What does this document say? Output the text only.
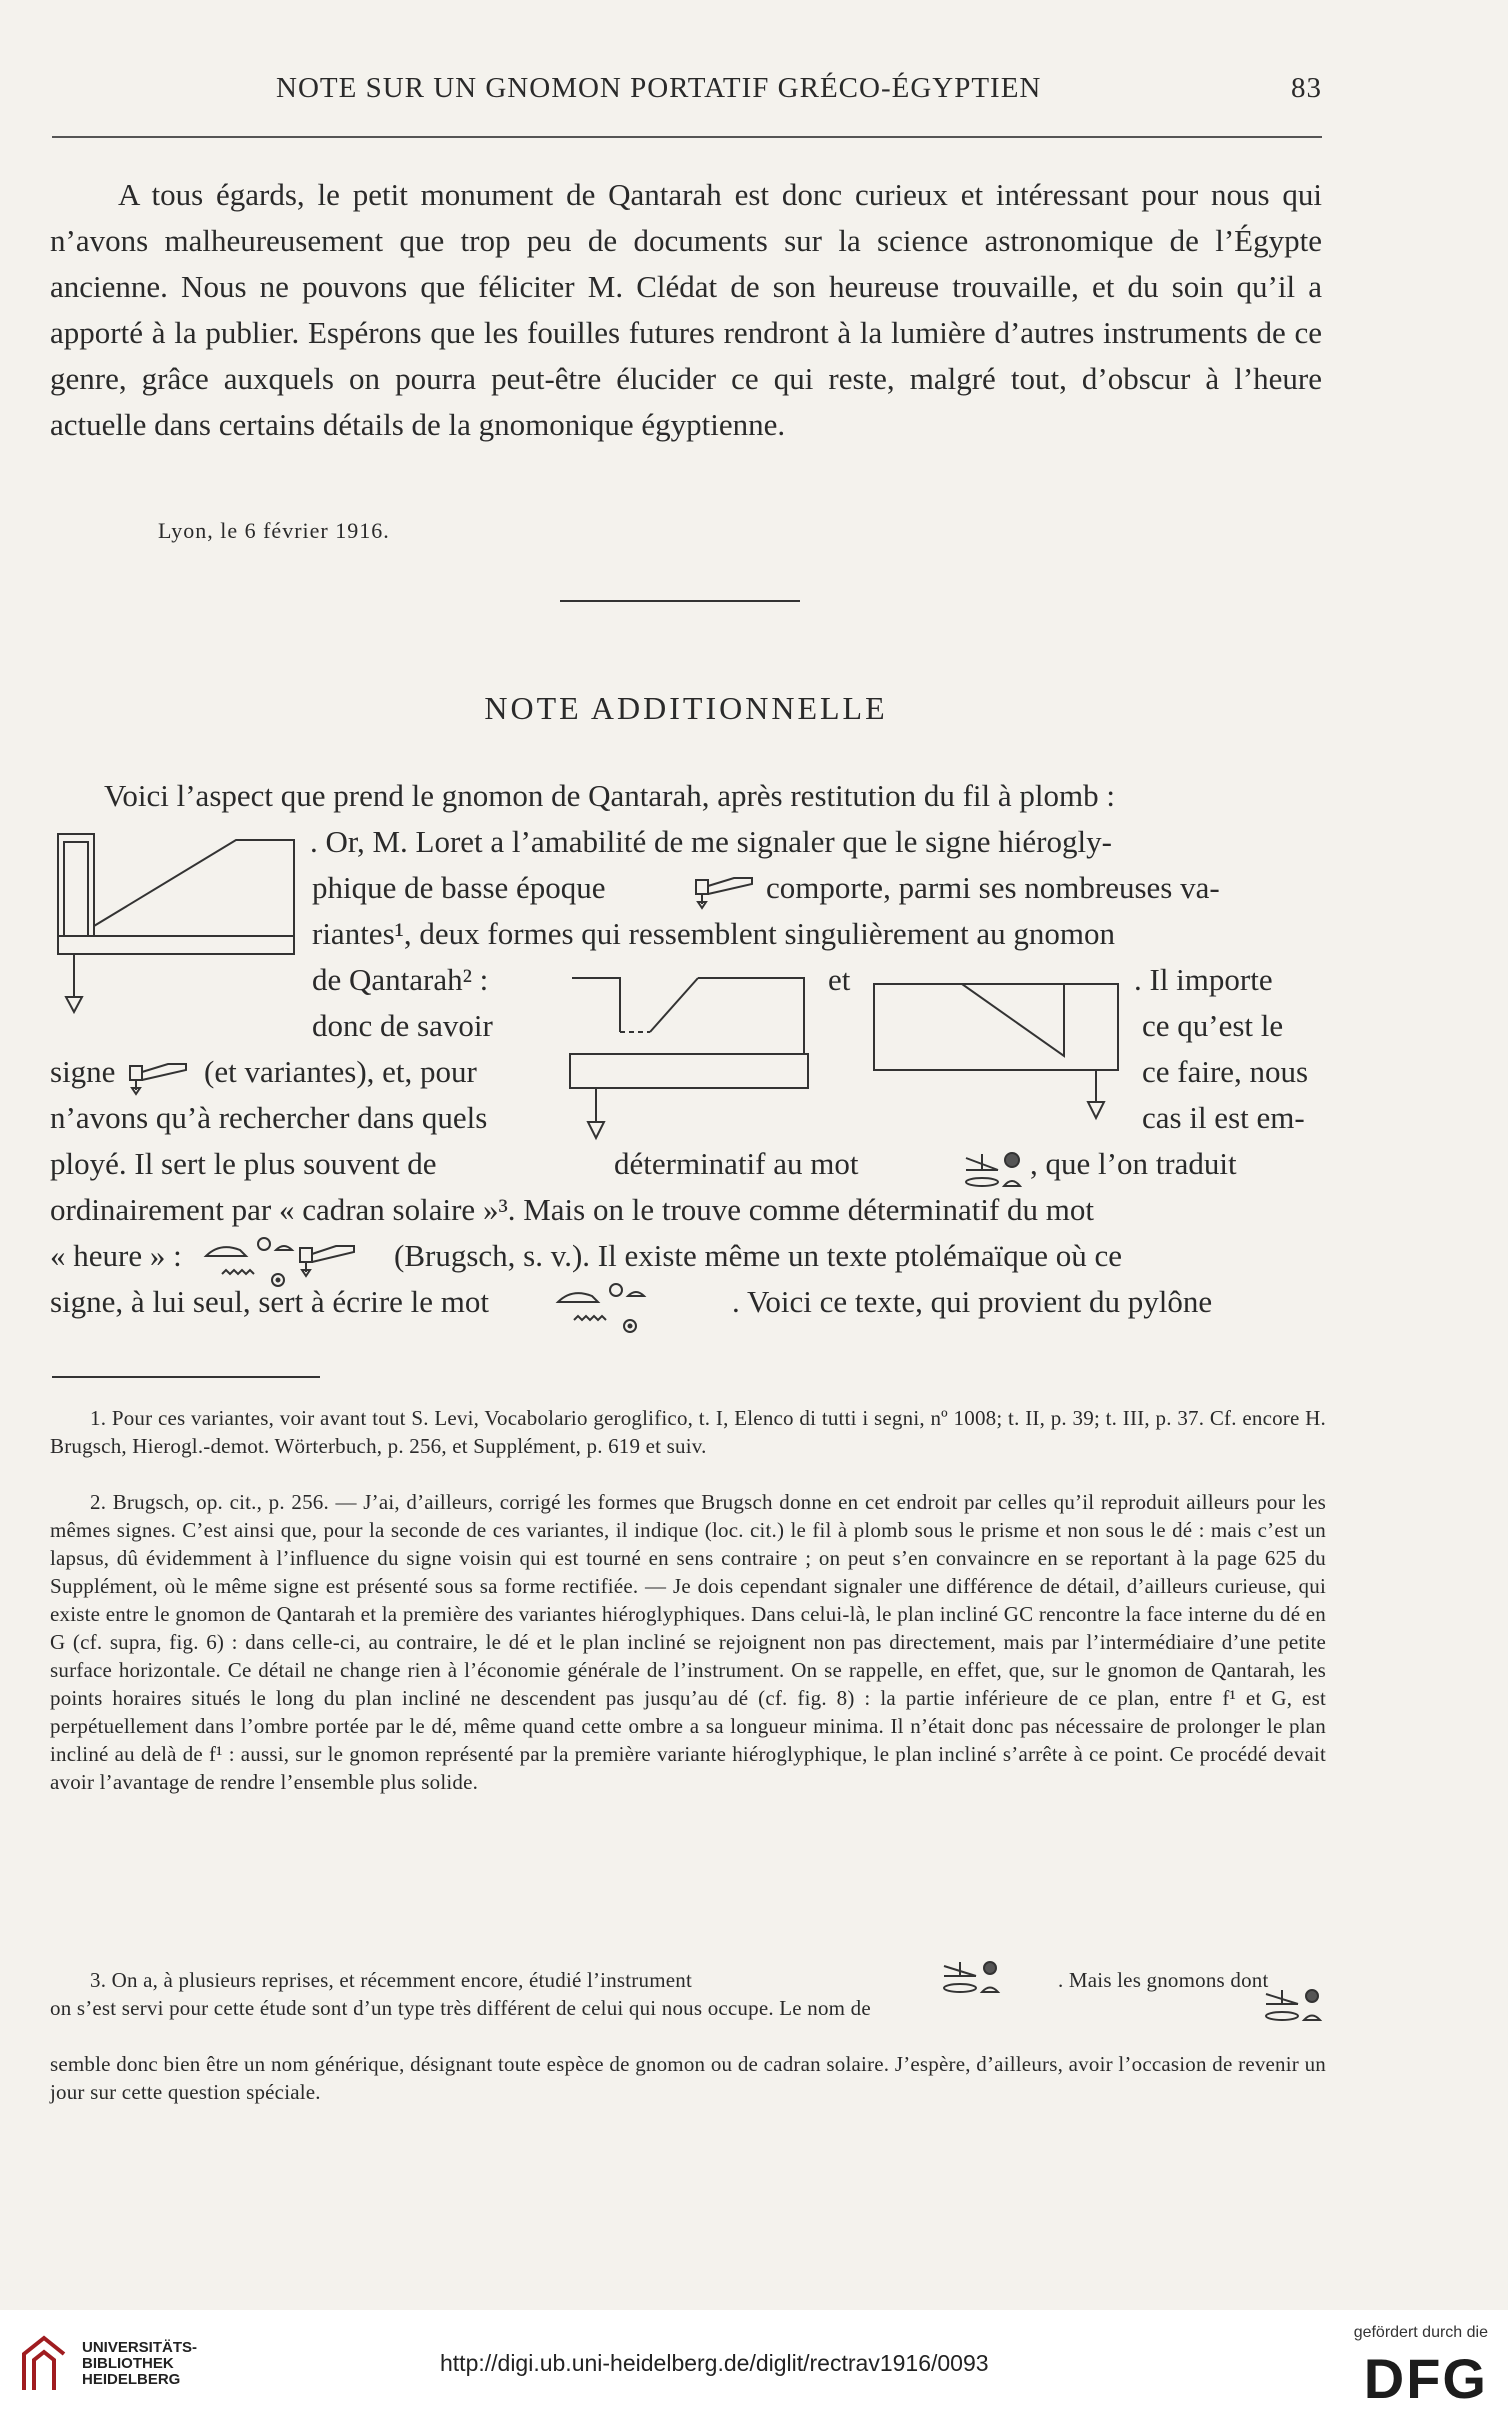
NOTE SUR UN GNOMON PORTATIF GRÉCO-ÉGYPTIEN	83
A tous égards, le petit monument de Qantarah est donc curieux et intéressant pour nous qui n’avons malheureusement que trop peu de documents sur la science astronomique de l’Égypte ancienne. Nous ne pouvons que féliciter M. Clédat de son heureuse trouvaille, et du soin qu’il a apporté à la publier. Espérons que les fouilles futures rendront à la lumière d’autres instruments de ce genre, grâce auxquels on pourra peut-être élucider ce qui reste, malgré tout, d’obscur à l’heure actuelle dans certains détails de la gnomonique égyptienne.
Lyon, le 6 février 1916.
NOTE ADDITIONNELLE
Voici l’aspect que prend le gnomon de Qantarah, après restitution du fil à plomb :
. Or, M. Loret a l’amabilité de me signaler que le signe hiérogly-
phique de basse époque	comporte, parmi ses nombreuses va-
riantes¹, deux formes qui ressemblent singulièrement au gnomon
de Qantarah² :	et	. Il importe
donc de savoir	ce qu’est le
signe	(et variantes), et, pour	ce faire, nous
n’avons qu’à rechercher dans quels	cas il est em-
ployé. Il sert le plus souvent de	déterminatif au mot	, que l’on traduit
ordinairement par « cadran solaire »³. Mais on le trouve comme déterminatif du mot
« heure » :	(Brugsch, s. v.). Il existe même un texte ptolémaïque où ce
signe, à lui seul, sert à écrire le mot	. Voici ce texte, qui provient du pylône

1. Pour ces variantes, voir avant tout S. Levi, Vocabolario geroglifico, t. I, Elenco di tutti i segni, nº 1008; t. II, p. 39; t. III, p. 37. Cf. encore H. Brugsch, Hierogl.-demot. Wörterbuch, p. 256, et Supplément, p. 619 et suiv.

2. Brugsch, op. cit., p. 256. — J’ai, d’ailleurs, corrigé les formes que Brugsch donne en cet endroit par celles qu’il reproduit ailleurs pour les mêmes signes. C’est ainsi que, pour la seconde de ces variantes, il indique (loc. cit.) le fil à plomb sous le prisme et non sous le dé : mais c’est un lapsus, dû évidemment à l’influence du signe voisin qui est tourné en sens contraire ; on peut s’en convaincre en se reportant à la page 625 du Supplément, où le même signe est présenté sous sa forme rectifiée. — Je dois cependant signaler une différence de détail, d’ailleurs curieuse, qui existe entre le gnomon de Qantarah et la première des variantes hiéroglyphiques. Dans celui-là, le plan incliné GC rencontre la face interne du dé en G (cf. supra, fig. 6) : dans celle-ci, au contraire, le dé et le plan incliné se rejoignent non pas directement, mais par l’intermédiaire d’une petite surface horizontale. Ce détail ne change rien à l’économie générale de l’instrument. On se rappelle, en effet, que, sur le gnomon de Qantarah, les points horaires situés le long du plan incliné ne descendent pas jusqu’au dé (cf. fig. 8) : la partie inférieure de ce plan, entre f¹ et G, est perpétuellement dans l’ombre portée par le dé, même quand cette ombre a sa longueur minima. Il n’était donc pas nécessaire de prolonger le plan incliné au delà de f¹ : aussi, sur le gnomon représenté par la première variante hiéroglyphique, le plan incliné s’arrête à ce point. Ce procédé devait avoir l’avantage de rendre l’ensemble plus solide.

3. On a, à plusieurs reprises, et récemment encore, étudié l’instrument	. Mais les gnomons dont
on s’est servi pour cette étude sont d’un type très différent de celui qui nous occupe. Le nom de

semble donc bien être un nom générique, désignant toute espèce de gnomon ou de cadran solaire. J’espère, d’ailleurs, avoir l’occasion de revenir un jour sur cette question spéciale.

UNIVERSITÄTS-
BIBLIOTHEK
HEIDELBERG
http://digi.ub.uni-heidelberg.de/diglit/rectrav1916/0093
gefördert durch die
DFG
